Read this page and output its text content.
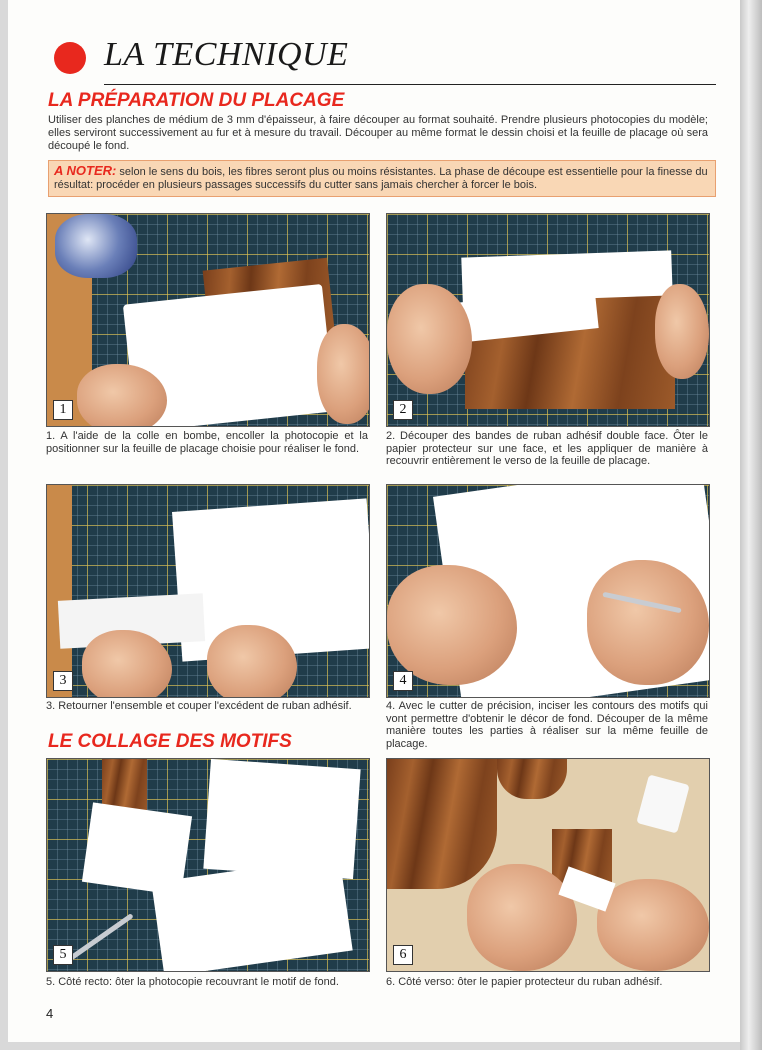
LA TECHNIQUE
LA PRÉPARATION DU PLACAGE
Utiliser des planches de médium de 3 mm d'épaisseur, à faire découper au format souhaité. Prendre plusieurs photocopies du modèle; elles serviront successivement au fur et à mesure du travail. Découper au même format le dessin choisi et la feuille de placage où sera découpé le fond.
A NOTER: selon le sens du bois, les fibres seront plus ou moins résistantes. La phase de découpe est essentielle pour la finesse du résultat: procéder en plusieurs passages successifs du cutter sans jamais chercher à forcer le bois.
1
1. A l'aide de la colle en bombe, encoller la photocopie et la positionner sur la feuille de placage choisie pour réaliser le fond.
2
2. Découper des bandes de ruban adhésif double face. Ôter le papier protecteur sur une face, et les appliquer de manière à recouvrir entièrement le verso de la feuille de placage.
3
3. Retourner l'ensemble et couper l'excédent de ruban adhésif.
LE COLLAGE DES MOTIFS
4
4. Avec le cutter de précision, inciser les contours des motifs qui vont permettre d'obtenir le décor de fond. Découper de la même manière toutes les parties à réaliser sur la même feuille de placage.
5
5. Côté recto: ôter la photocopie recouvrant le motif de fond.
6
6. Côté verso: ôter le papier protecteur du ruban adhésif.
4
